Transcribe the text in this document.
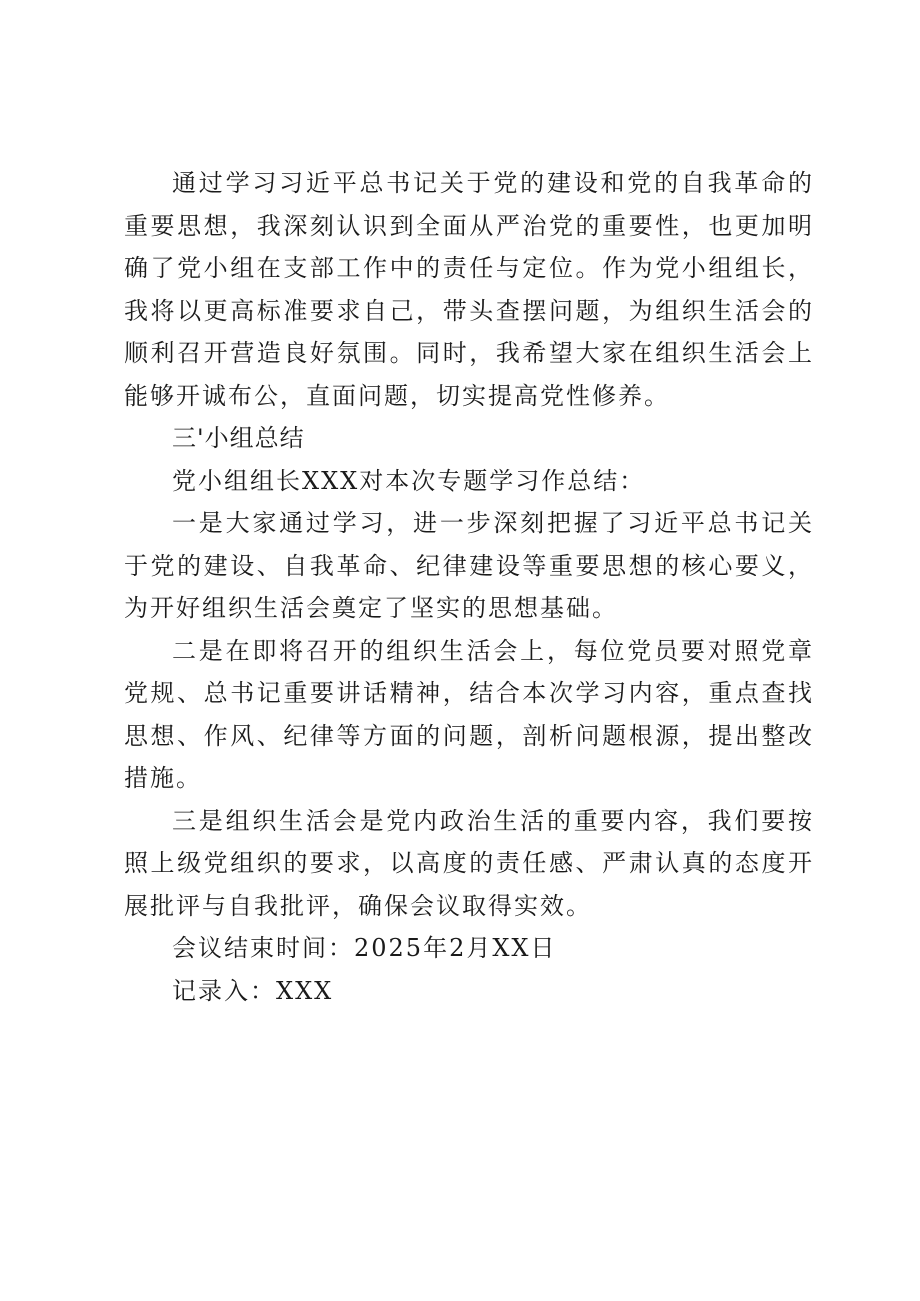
通过学习习近平总书记关于党的建设和党的自我革命的重要思想，我深刻认识到全面从严治党的重要性，也更加明确了党小组在支部工作中的责任与定位。作为党小组组长，我将以更高标准要求自己，带头查摆问题，为组织生活会的顺利召开营造良好氛围。同时，我希望大家在组织生活会上能够开诚布公，直面问题，切实提高党性修养。

三'小组总结

党小组组长XXX对本次专题学习作总结：

一是大家通过学习，进一步深刻把握了习近平总书记关于党的建设、自我革命、纪律建设等重要思想的核心要义，为开好组织生活会奠定了坚实的思想基础。

二是在即将召开的组织生活会上，每位党员要对照党章党规、总书记重要讲话精神，结合本次学习内容，重点查找思想、作风、纪律等方面的问题，剖析问题根源，提出整改措施。

三是组织生活会是党内政治生活的重要内容，我们要按照上级党组织的要求，以高度的责任感、严肃认真的态度开展批评与自我批评，确保会议取得实效。

会议结束时间：2025年2月XX日

记录入：XXX
